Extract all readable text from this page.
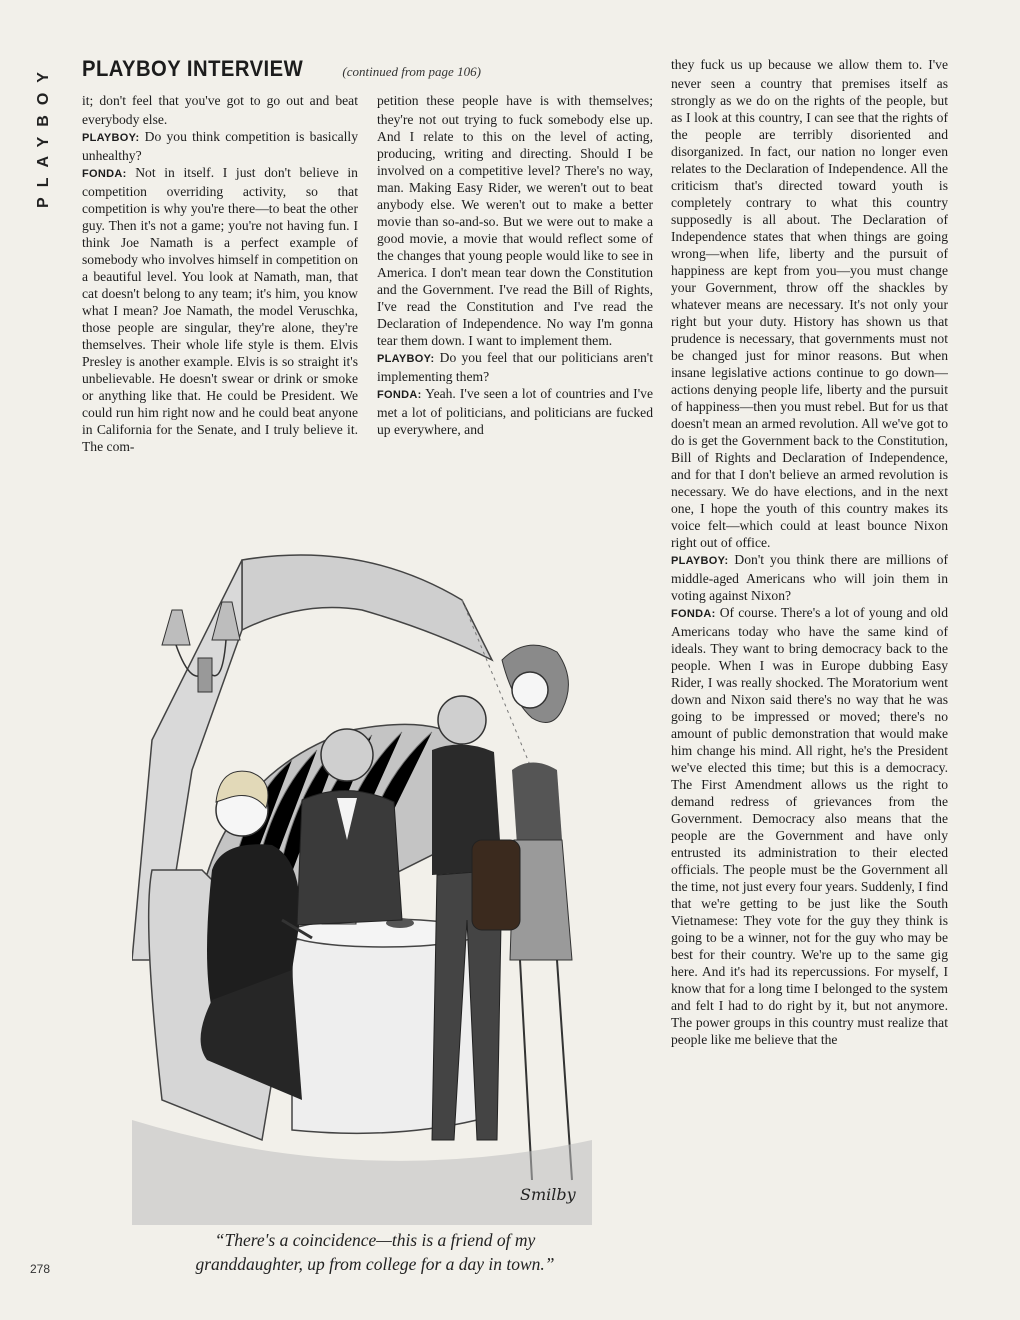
PLAYBOY PLAYBOY INTERVIEW	(continued from page 106)

it; don't feel that you've got to go out and beat everybody else.

PLAYBOY: Do you think competition is basically unhealthy?

FONDA: Not in itself. I just don't believe in competition overriding activity, so that competition is why you're there—to beat the other guy. Then it's not a game; you're not having fun. I think Joe Namath is a perfect example of somebody who involves himself in competition on a beautiful level. You look at Namath, man, that cat doesn't belong to any team; it's him, you know what I mean? Joe Namath, the model Veruschka, those people are singular, they're alone, they're themselves. Their whole life style is them. Elvis Presley is another example. Elvis is so straight it's unbelievable. He doesn't swear or drink or smoke or anything like that. He could be President. We could run him right now and he could beat anyone in California for the Senate, and I truly believe it. The com-

petition these people have is with themselves; they're not out trying to fuck somebody else up. And I relate to this on the level of acting, producing, writing and directing. Should I be involved on a competitive level? There's no way, man. Making Easy Rider, we weren't out to beat anybody else. We weren't out to make a better movie than so-and-so. But we were out to make a good movie, a movie that would reflect some of the changes that young people would like to see in America. I don't mean tear down the Constitution and the Government. I've read the Bill of Rights, I've read the Constitution and I've read the Declaration of Independence. No way I'm gonna tear them down. I want to implement them.

PLAYBOY: Do you feel that our politicians aren't implementing them?

FONDA: Yeah. I've seen a lot of countries and I've met a lot of politicians, and politicians are fucked up everywhere, and

they fuck us up because we allow them to. I've never seen a country that premises itself as strongly as we do on the rights of the people, but as I look at this country, I can see that the rights of the people are terribly disoriented and disorganized. In fact, our nation no longer even relates to the Declaration of Independence. All the criticism that's directed toward youth is completely contrary to what this country supposedly is all about. The Declaration of Independence states that when things are going wrong—when life, liberty and the pursuit of happiness are kept from you—you must change your Government, throw off the shackles by whatever means are necessary. It's not only your right but your duty. History has shown us that prudence is necessary, that governments must not be changed just for minor reasons. But when insane legislative actions continue to go down—actions denying people life, liberty and the pursuit of happiness—then you must rebel. But for us that doesn't mean an armed revolution. All we've got to do is get the Government back to the Constitution, Bill of Rights and Declaration of Independence, and for that I don't believe an armed revolution is necessary. We do have elections, and in the next one, I hope the youth of this country makes its voice felt—which could at least bounce Nixon right out of office.

PLAYBOY: Don't you think there are millions of middle-aged Americans who will join them in voting against Nixon?

FONDA: Of course. There's a lot of young and old Americans today who have the same kind of ideals. They want to bring democracy back to the people. When I was in Europe dubbing Easy Rider, I was really shocked. The Moratorium went down and Nixon said there's no way that he was going to be impressed or moved; there's no amount of public demonstration that would make him change his mind. All right, he's the President we've elected this time; but this is a democracy. The First Amendment allows us the right to demand redress of grievances from the Government. Democracy also means that the people are the Government and have only entrusted its administration to their elected officials. The people must be the Government all the time, not just every four years. Suddenly, I find that we're getting to be just like the South Vietnamese: They vote for the guy they think is going to be a winner, not for the guy who may be best for their country. We're up to the same gig here. And it's had its repercussions. For myself, I know that for a long time I belonged to the system and felt I had to do right by it, but not anymore. The power groups in this country must realize that people like me believe that the

Smilby
“There's a coincidence—this is a friend of my
granddaughter, up from college for a day in town.”
278
